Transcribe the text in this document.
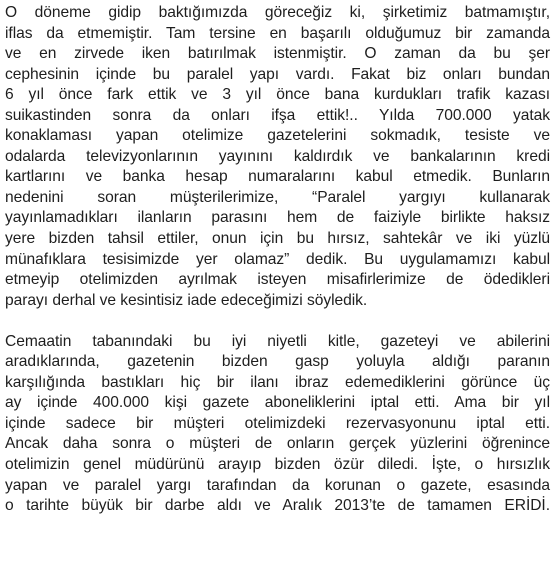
O döneme gidip baktığımızda göreceğiz ki, şirketimiz batmamıştır,
iflas da etmemiştir. Tam tersine en başarılı olduğumuz bir zamanda
ve en zirvede iken batırılmak istenmiştir. O zaman da bu şer
cephesinin içinde bu paralel yapı vardı. Fakat biz onları bundan
6 yıl önce fark ettik ve 3 yıl önce bana kurdukları trafik kazası
suikastinden sonra da onları ifşa ettik!.. Yılda 700.000 yatak
konaklaması yapan otelimize gazetelerini sokmadık, tesiste ve
odalarda televizyonlarının yayınını kaldırdık ve bankalarının kredi
kartlarını ve banka hesap numaralarını kabul etmedik. Bunların
nedenini soran müşterilerimize, “Paralel yargıyı kullanarak
yayınlamadıkları ilanların parasını hem de faiziyle birlikte haksız
yere bizden tahsil ettiler, onun için bu hırsız, sahtekâr ve iki yüzlü
münafıklara tesisimizde yer olamaz” dedik. Bu uygulamamızı kabul
etmeyip otelimizden ayrılmak isteyen misafirlerimize de ödedikleri
parayı derhal ve kesintisiz iade edeceğimizi söyledik.
Cemaatin tabanındaki bu iyi niyetli kitle, gazeteyi ve abilerini
aradıklarında, gazetenin bizden gasp yoluyla aldığı paranın
karşılığında bastıkları hiç bir ilanı ibraz edemediklerini görünce üç
ay içinde 400.000 kişi gazete aboneliklerini iptal etti. Ama bir yıl
içinde sadece bir müşteri otelimizdeki rezervasyonunu iptal etti.
Ancak daha sonra o müşteri de onların gerçek yüzlerini öğrenince
otelimizin genel müdürünü arayıp bizden özür diledi. İşte, o hırsızlık
yapan ve paralel yargı tarafından da korunan o gazete, esasında
o tarihte büyük bir darbe aldı ve Aralık 2013’te de tamamen ERİDİ.
